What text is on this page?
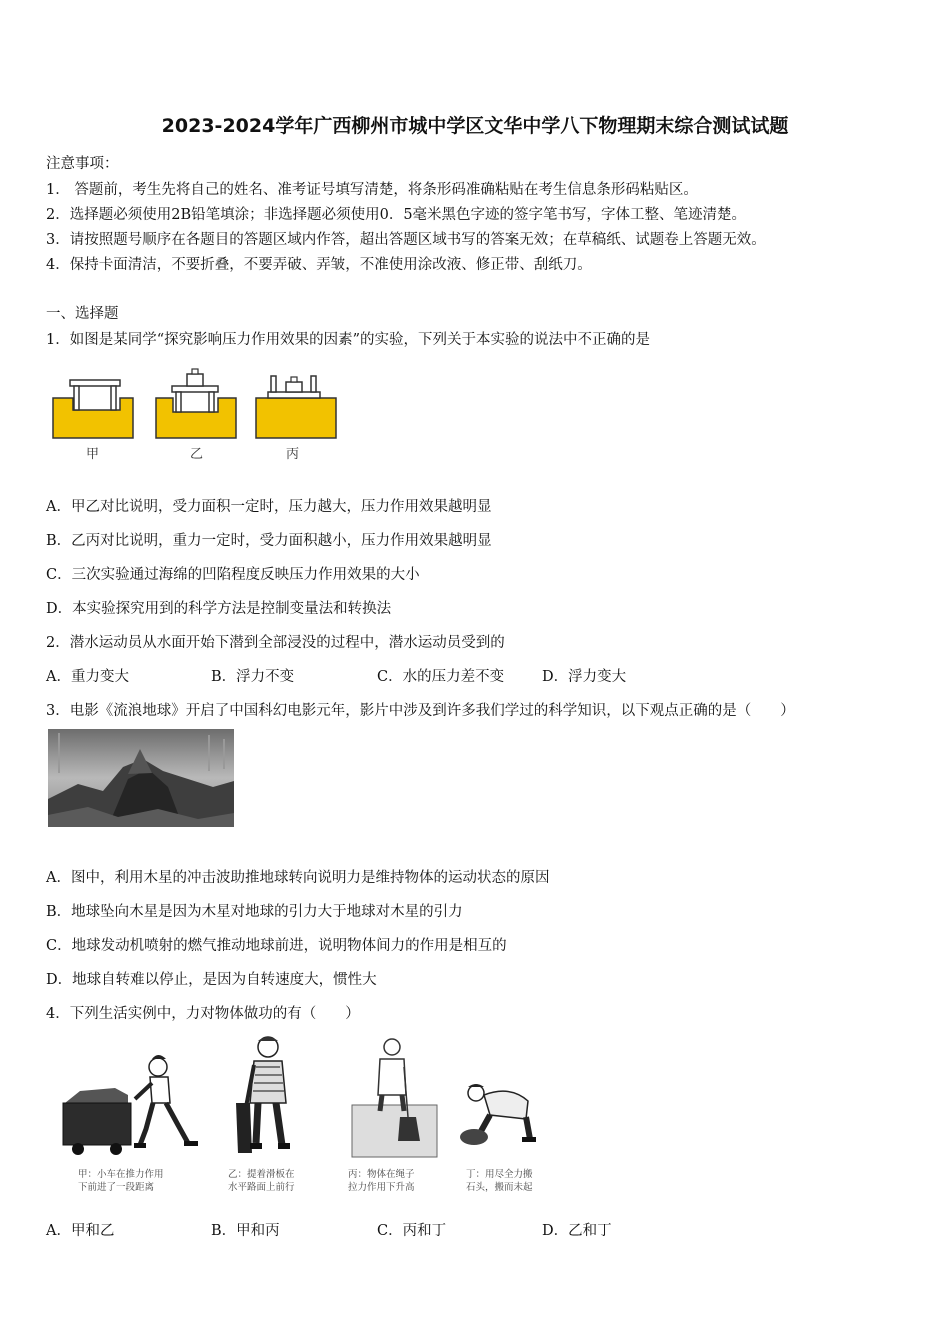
2023-2024学年广西柳州市城中学区文华中学八下物理期末综合测试试题
注意事项：
1． 答题前，考生先将自己的姓名、准考证号填写清楚，将条形码准确粘贴在考生信息条形码粘贴区。
2．选择题必须使用2B铅笔填涂；非选择题必须使用0．5毫米黑色字迹的签字笔书写，字体工整、笔迹清楚。
3．请按照题号顺序在各题目的答题区域内作答，超出答题区域书写的答案无效；在草稿纸、试题卷上答题无效。
4．保持卡面清洁，不要折叠，不要弄破、弄皱，不准使用涂改液、修正带、刮纸刀。
一、选择题
1．如图是某同学“探究影响压力作用效果的因素”的实验，下列关于本实验的说法中不正确的是
甲	乙	丙
A．甲乙对比说明，受力面积一定时，压力越大，压力作用效果越明显
B．乙丙对比说明，重力一定时，受力面积越小，压力作用效果越明显
C．三次实验通过海绵的凹陷程度反映压力作用效果的大小
D．本实验探究用到的科学方法是控制变量法和转换法
2．潜水运动员从水面开始下潜到全部浸没的过程中，潜水运动员受到的
A．重力变大	B．浮力不变	C．水的压力差不变	D．浮力变大
3．电影《流浪地球》开启了中国科幻电影元年，影片中涉及到许多我们学过的科学知识，以下观点正确的是（　　）
A．图中，利用木星的冲击波助推地球转向说明力是维持物体的运动状态的原因
B．地球坠向木星是因为木星对地球的引力大于地球对木星的引力
C．地球发动机喷射的燃气推动地球前进，说明物体间力的作用是相互的
D．地球自转难以停止，是因为自转速度大，惯性大
4．下列生活实例中，力对物体做功的有（　　）
甲：小车在推力作用
下前进了一段距离
乙：提着滑板在
水平路面上前行
丙：物体在绳子
拉力作用下升高
丁：用尽全力搬
石头，搬而未起
A．甲和乙	B．甲和丙	C．丙和丁	D．乙和丁
